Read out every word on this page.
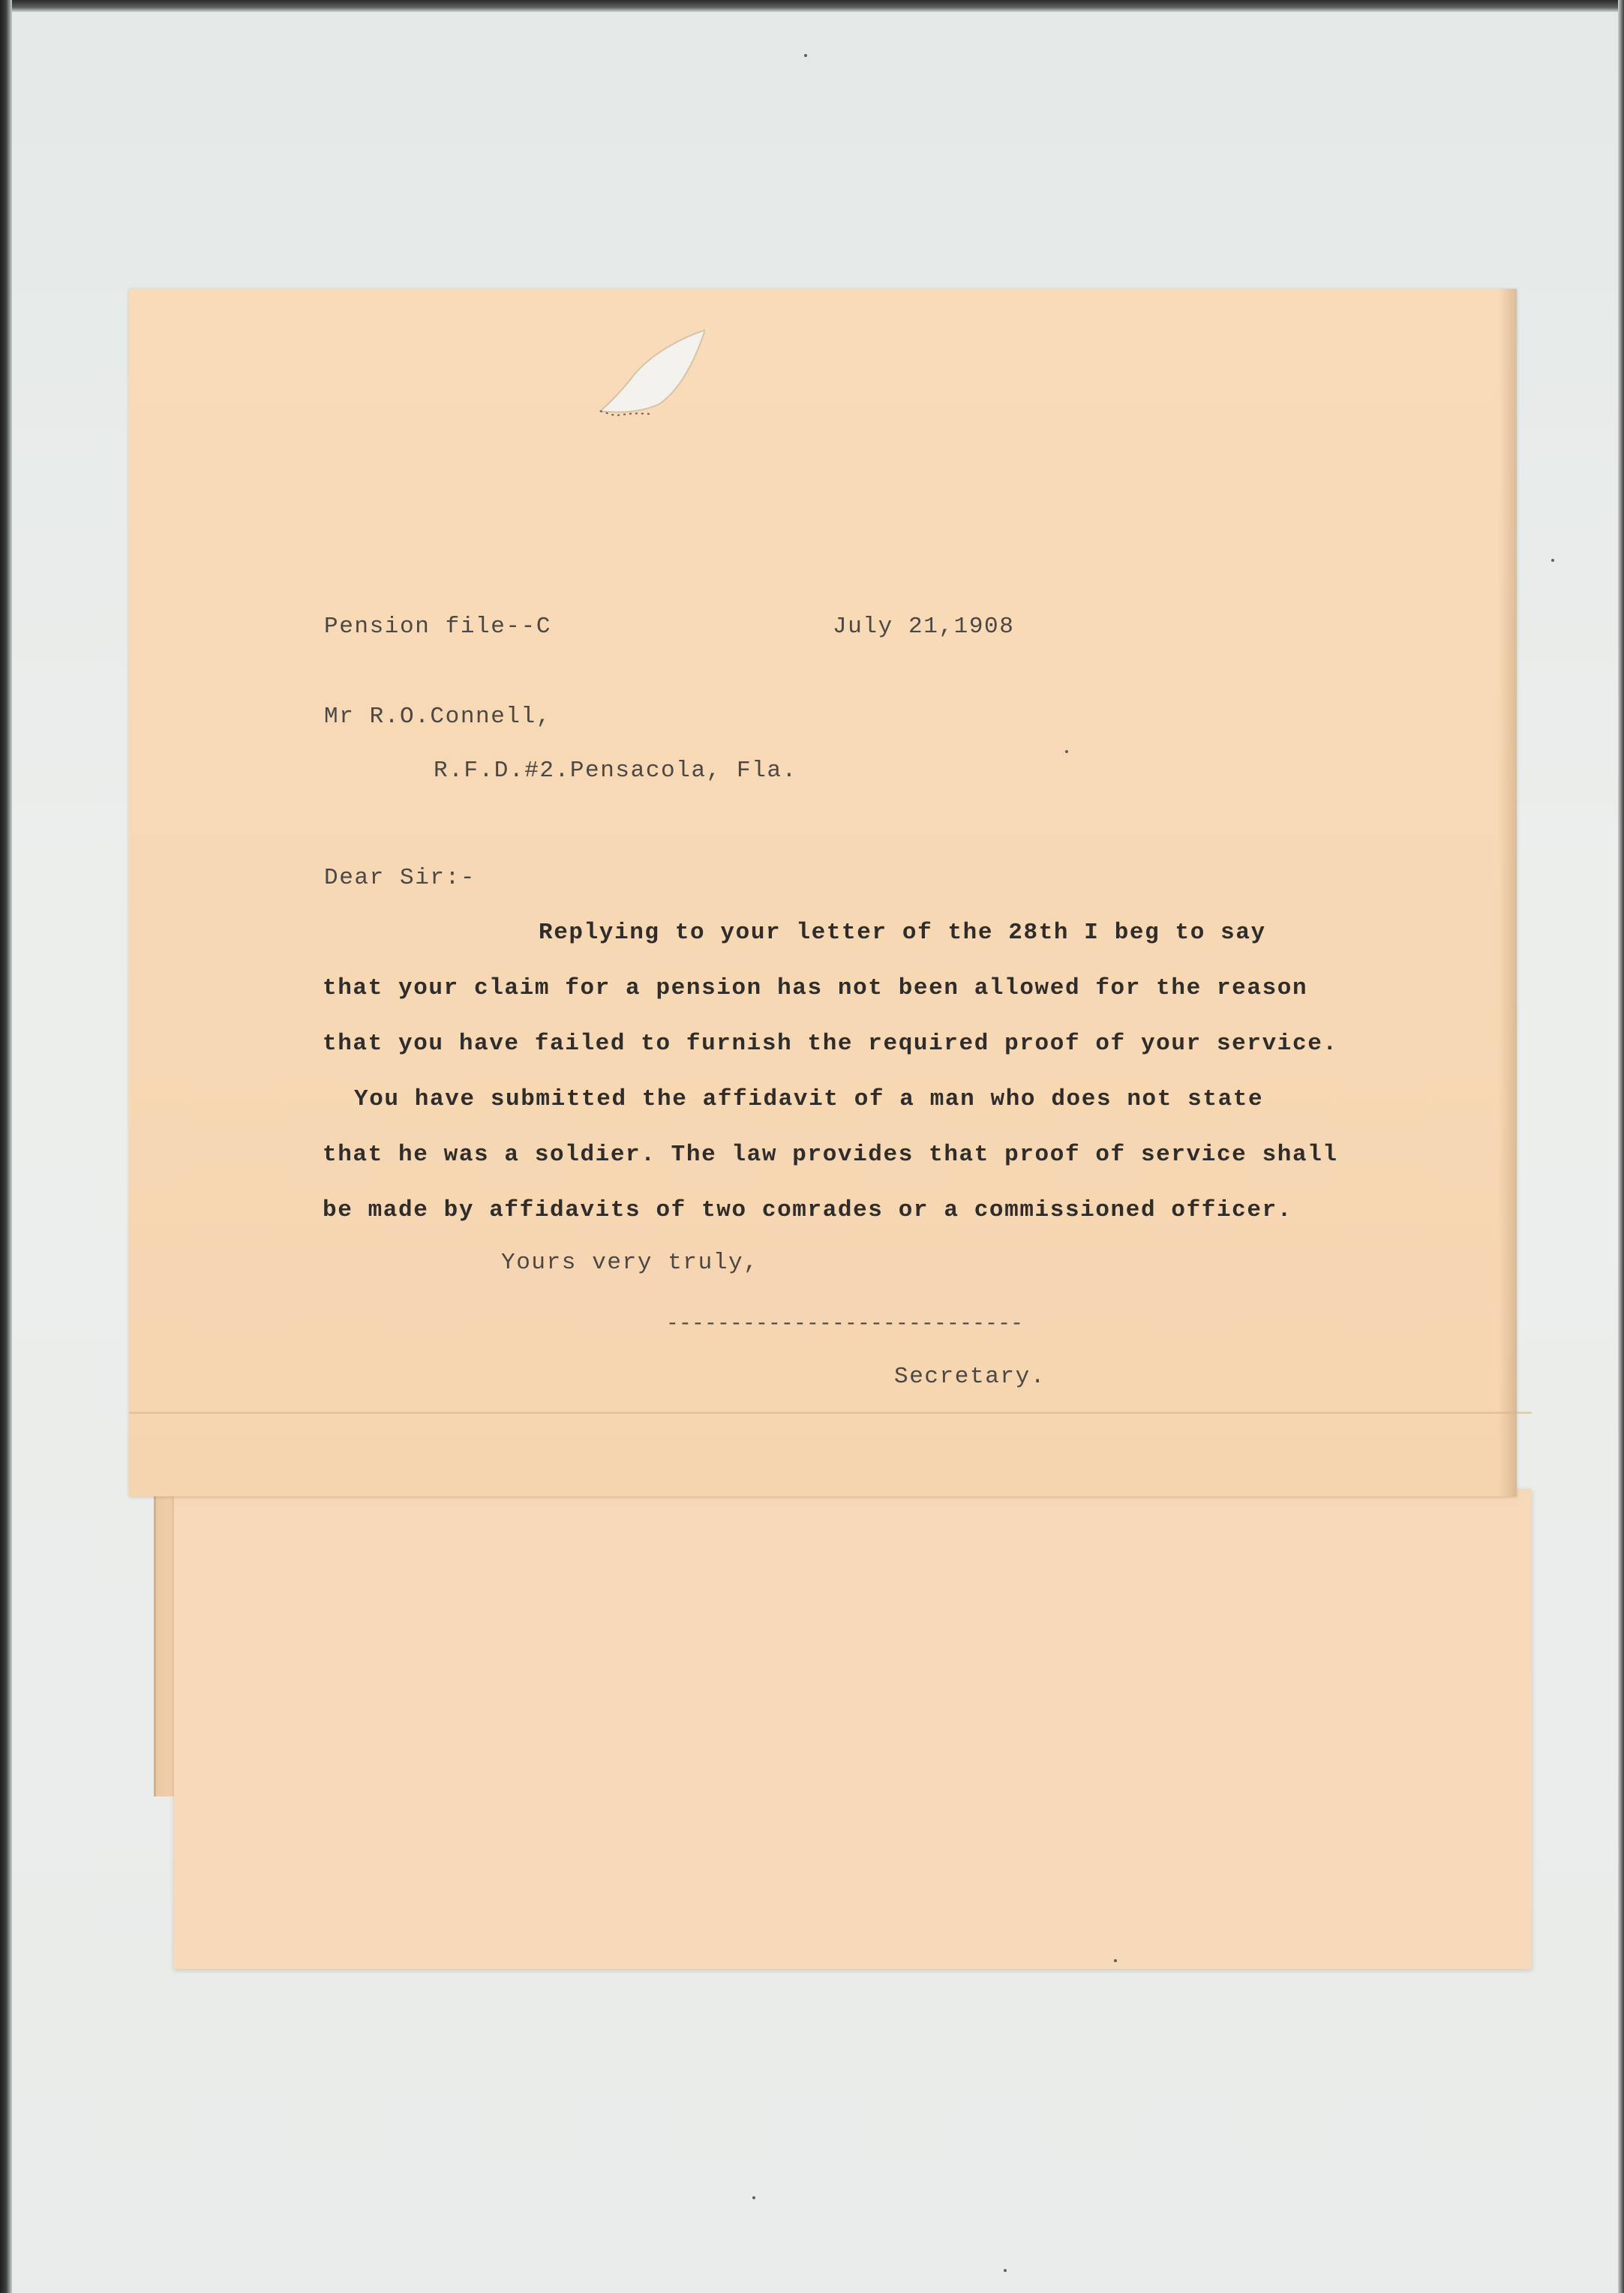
Pension file--C	July 21,1908
Mr R.O.Connell,
R.F.D.#2.Pensacola, Fla.
Dear Sir:-
Replying to your letter of the 28th I beg to say
that your claim for a pension has not been allowed for the reason
that you have failed to furnish the required proof of your service.
You have submitted the affidavit of a man who does not state
that he was a soldier. The law provides that proof of service shall
be made by affidavits of two comrades or a commissioned officer.
Yours very truly,
----------------------------
Secretary.
